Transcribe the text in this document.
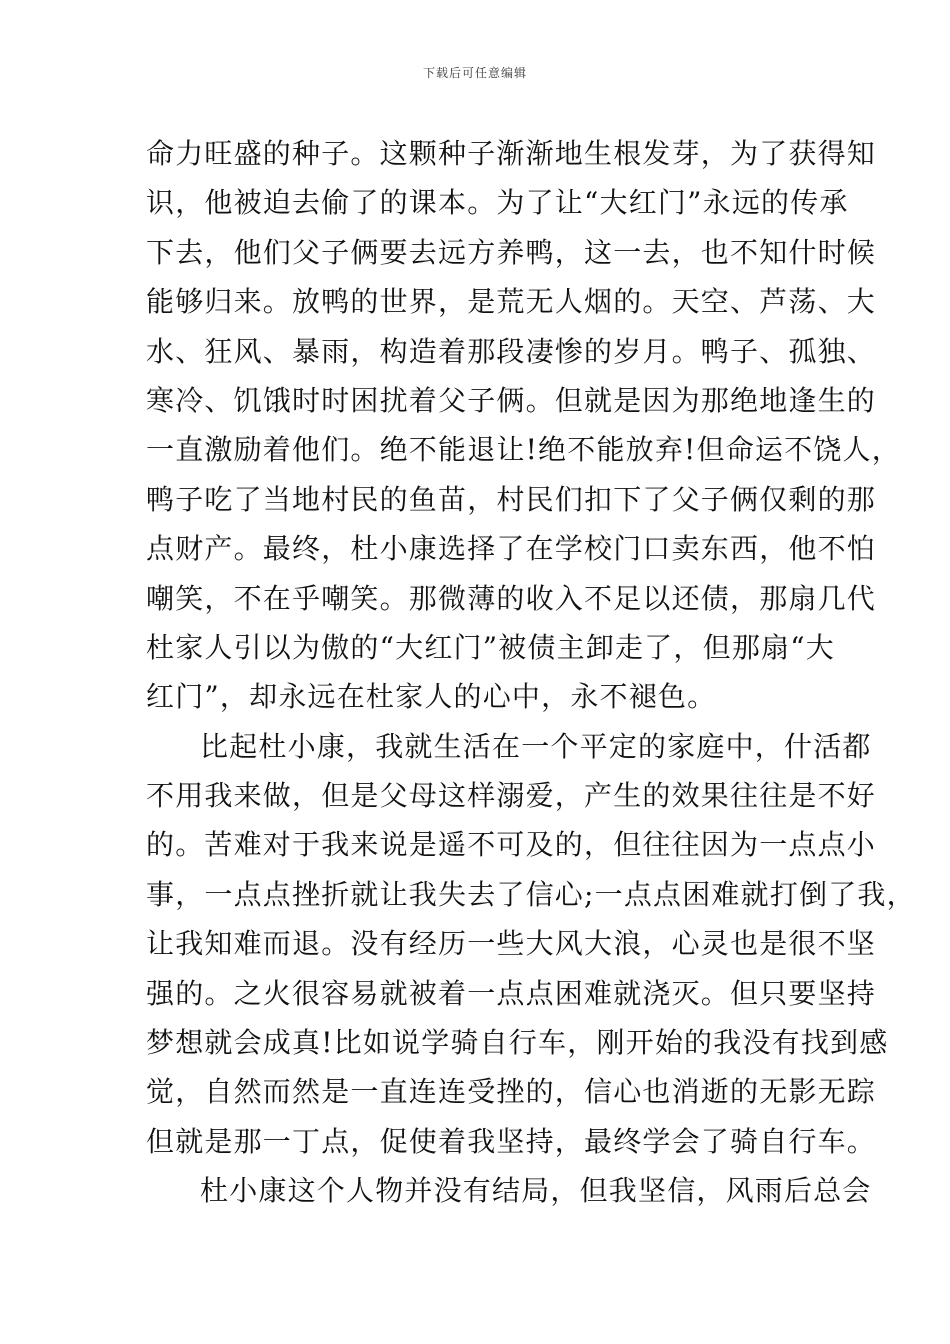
下载后可任意编辑
命力旺盛的种子。这颗种子渐渐地生根发芽，为了获得知
识，他被迫去偷了的课本。为了让“大红门”永远的传承
下去，他们父子俩要去远方养鸭，这一去，也不知什时候
能够归来。放鸭的世界，是荒无人烟的。天空、芦荡、大
水、狂风、暴雨，构造着那段凄惨的岁月。鸭子、孤独、
寒冷、饥饿时时困扰着父子俩。但就是因为那绝地逢生的
一直激励着他们。绝不能退让!绝不能放弃!但命运不饶人，
鸭子吃了当地村民的鱼苗，村民们扣下了父子俩仅剩的那
点财产。最终，杜小康选择了在学校门口卖东西，他不怕
嘲笑，不在乎嘲笑。那微薄的收入不足以还债，那扇几代
杜家人引以为傲的“大红门”被债主卸走了，但那扇“大
红门”，却永远在杜家人的心中，永不褪色。
比起杜小康，我就生活在一个平定的家庭中，什活都
不用我来做，但是父母这样溺爱，产生的效果往往是不好
的。苦难对于我来说是遥不可及的，但往往因为一点点小
事，一点点挫折就让我失去了信心;一点点困难就打倒了我，
让我知难而退。没有经历一些大风大浪，心灵也是很不坚
强的。之火很容易就被着一点点困难就浇灭。但只要坚持
梦想就会成真!比如说学骑自行车，刚开始的我没有找到感
觉，自然而然是一直连连受挫的，信心也消逝的无影无踪
但就是那一丁点，促使着我坚持，最终学会了骑自行车。
杜小康这个人物并没有结局，但我坚信，风雨后总会
